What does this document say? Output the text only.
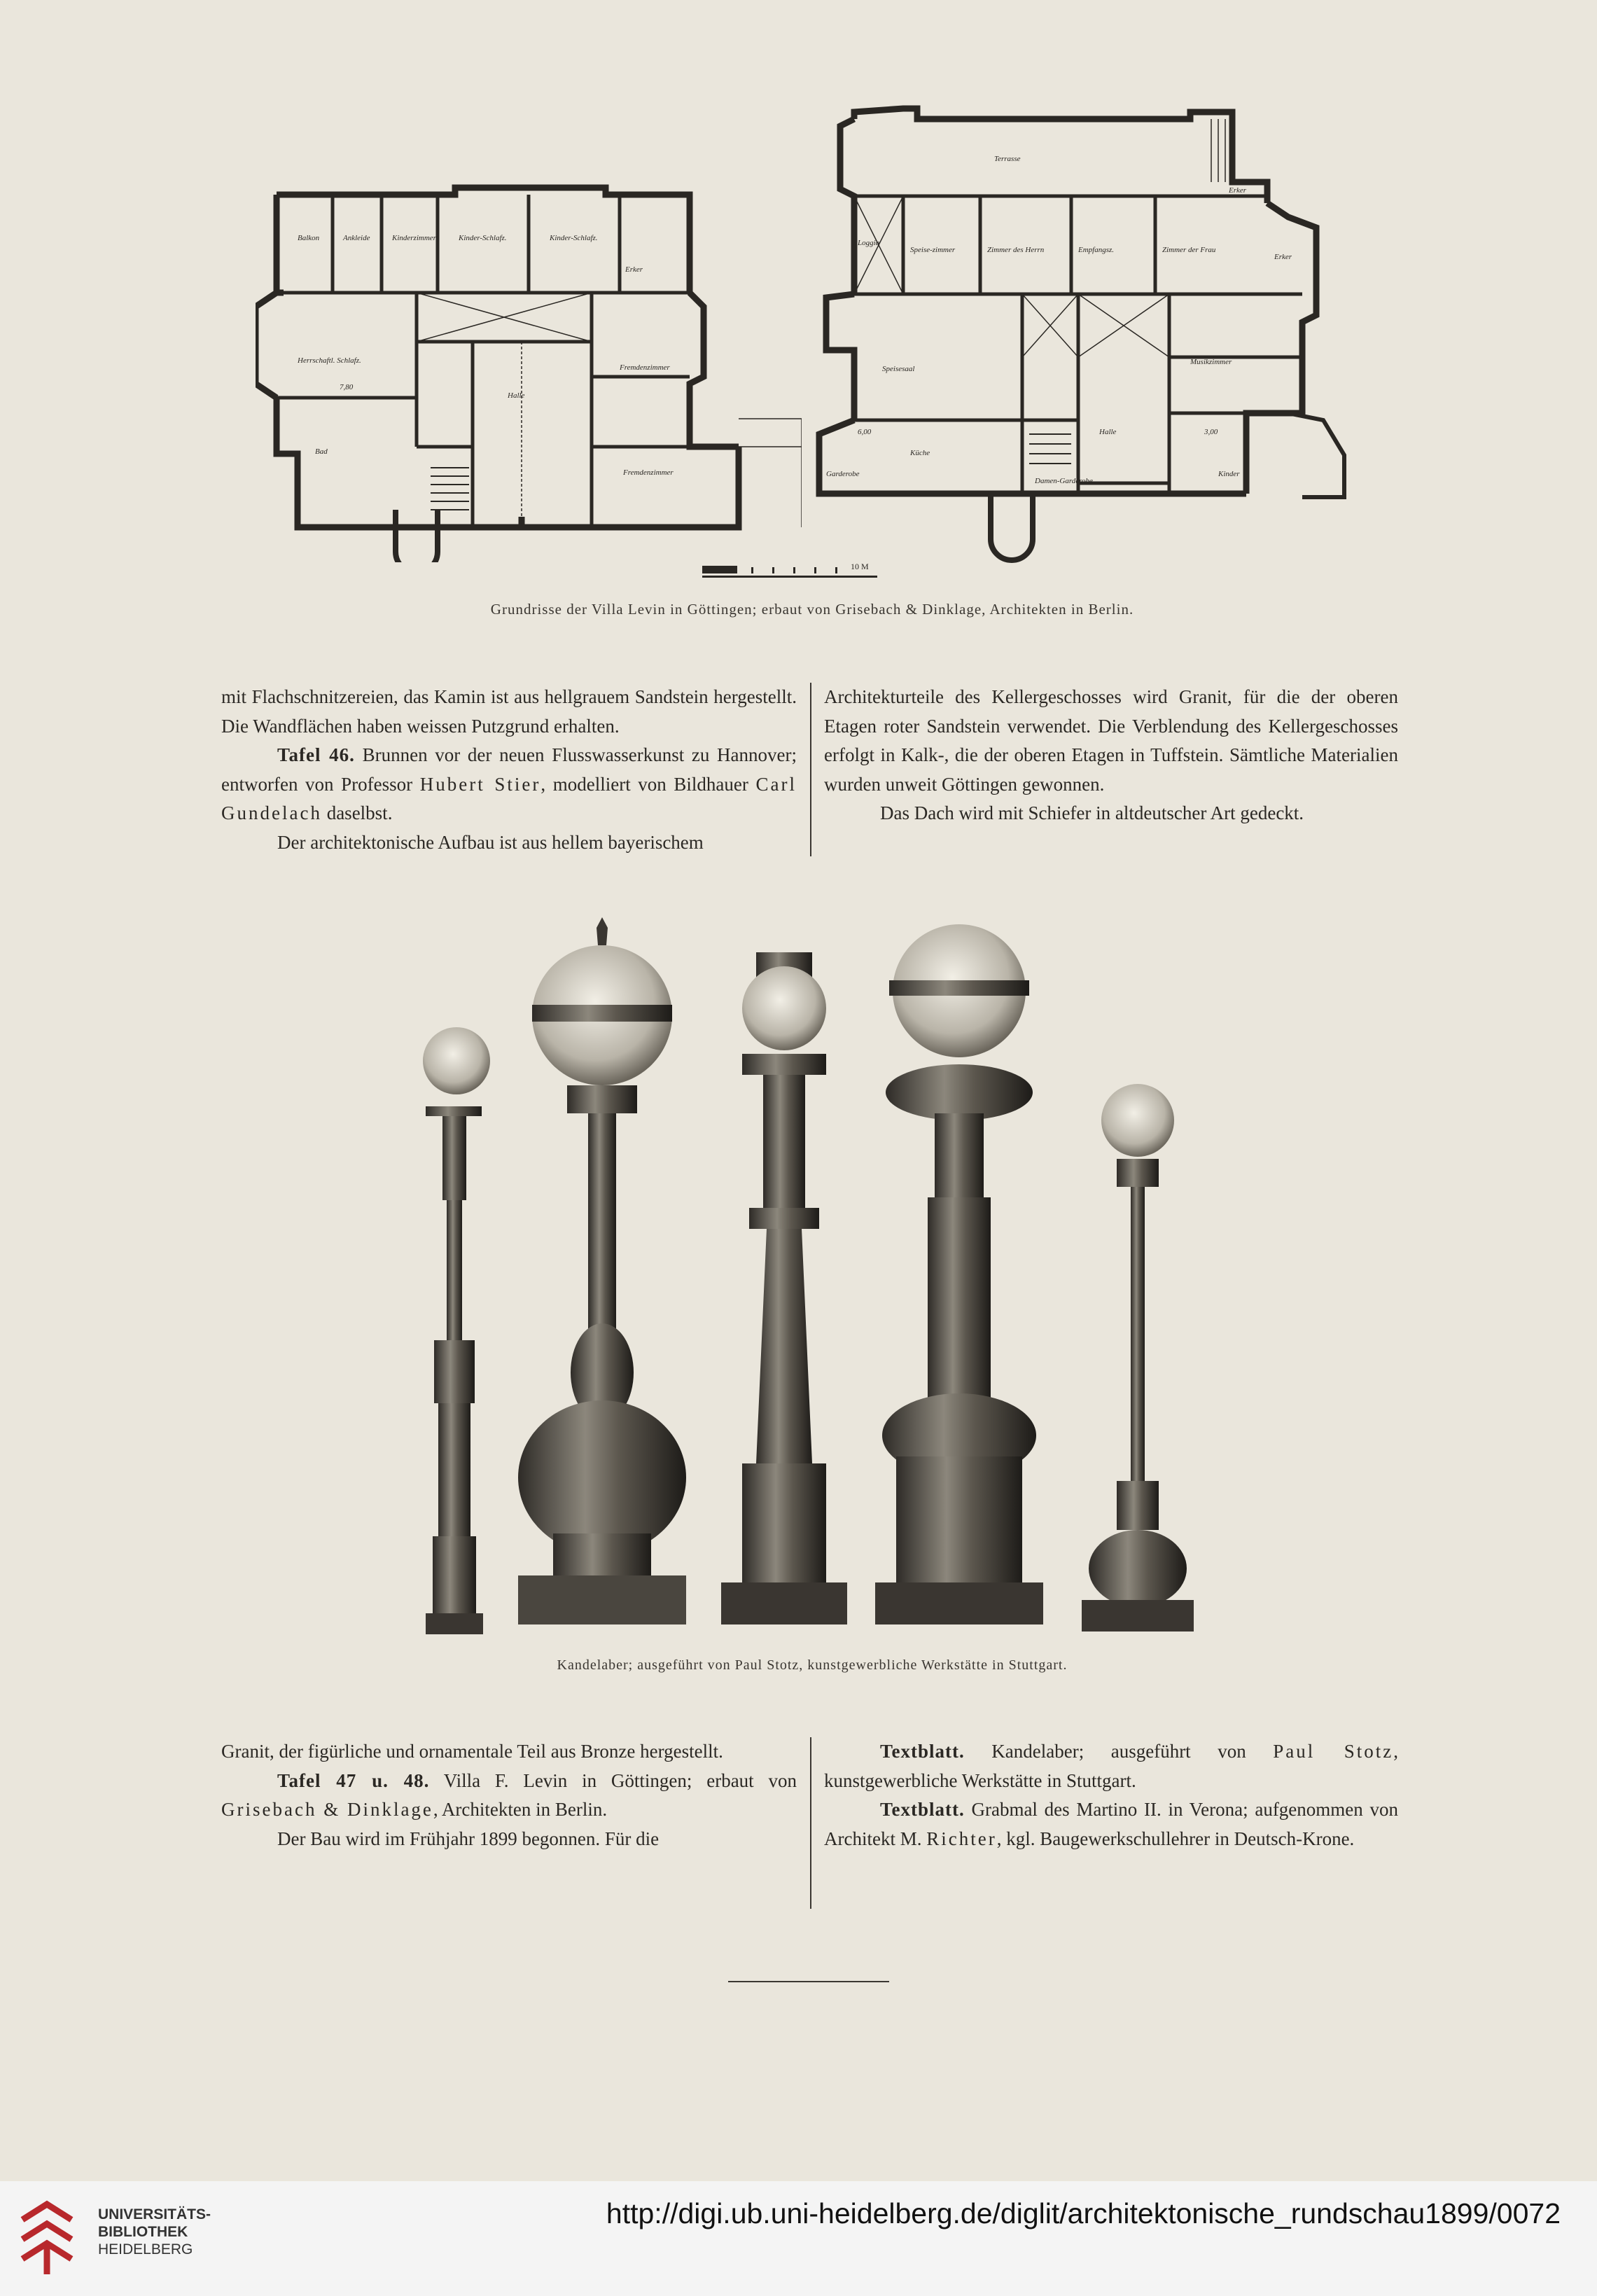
Balkon	Ankleide	Kinderzimmer	Kinder-Schlafz.	Kinder-Schlafz.
Erker
Herrschaftl. Schlafz.
Halle
Fremdenzimmer
Fremdenzimmer
Bad
7,80
Terrasse
Erker
Speise-zimmer	Zimmer des Herrn	Empfangsz.	Zimmer der Frau
Loggia
Erker
Halle
Musikzimmer
Speisesaal
Garderobe
Damen-Garderobe
Küche
Kinder
6,00	3,00
10 M
Grundrisse der Villa Levin in Göttingen; erbaut von Grisebach & Dinklage, Architekten in Berlin.

mit Flachschnitzereien, das Kamin ist aus hellgrauem Sandstein hergestellt. Die Wandflächen haben weissen Putzgrund erhalten.

Tafel 46. Brunnen vor der neuen Flusswasserkunst zu Hannover; entworfen von Professor Hubert Stier, modelliert von Bildhauer Carl Gundelach daselbst.

Der architektonische Aufbau ist aus hellem bayerischem

Architekturteile des Kellergeschosses wird Granit, für die der oberen Etagen roter Sandstein verwendet. Die Verblendung des Kellergeschosses erfolgt in Kalk-, die der oberen Etagen in Tuffstein. Sämtliche Materialien wurden unweit Göttingen gewonnen.

Das Dach wird mit Schiefer in altdeutscher Art gedeckt.

Kandelaber; ausgeführt von Paul Stotz, kunstgewerbliche Werkstätte in Stuttgart.

Granit, der figürliche und ornamentale Teil aus Bronze hergestellt.

Tafel 47 u. 48. Villa F. Levin in Göttingen; erbaut von Grisebach & Dinklage, Architekten in Berlin.

Der Bau wird im Frühjahr 1899 begonnen. Für die

Textblatt. Kandelaber; ausgeführt von Paul Stotz, kunstgewerbliche Werkstätte in Stuttgart.

Textblatt. Grabmal des Martino II. in Verona; aufgenommen von Architekt M. Richter, kgl. Baugewerkschullehrer in Deutsch-Krone.

UNIVERSITÄTS-
BIBLIOTHEK
HEIDELBERG
http://digi.ub.uni-heidelberg.de/diglit/architektonische_rundschau1899/0072
